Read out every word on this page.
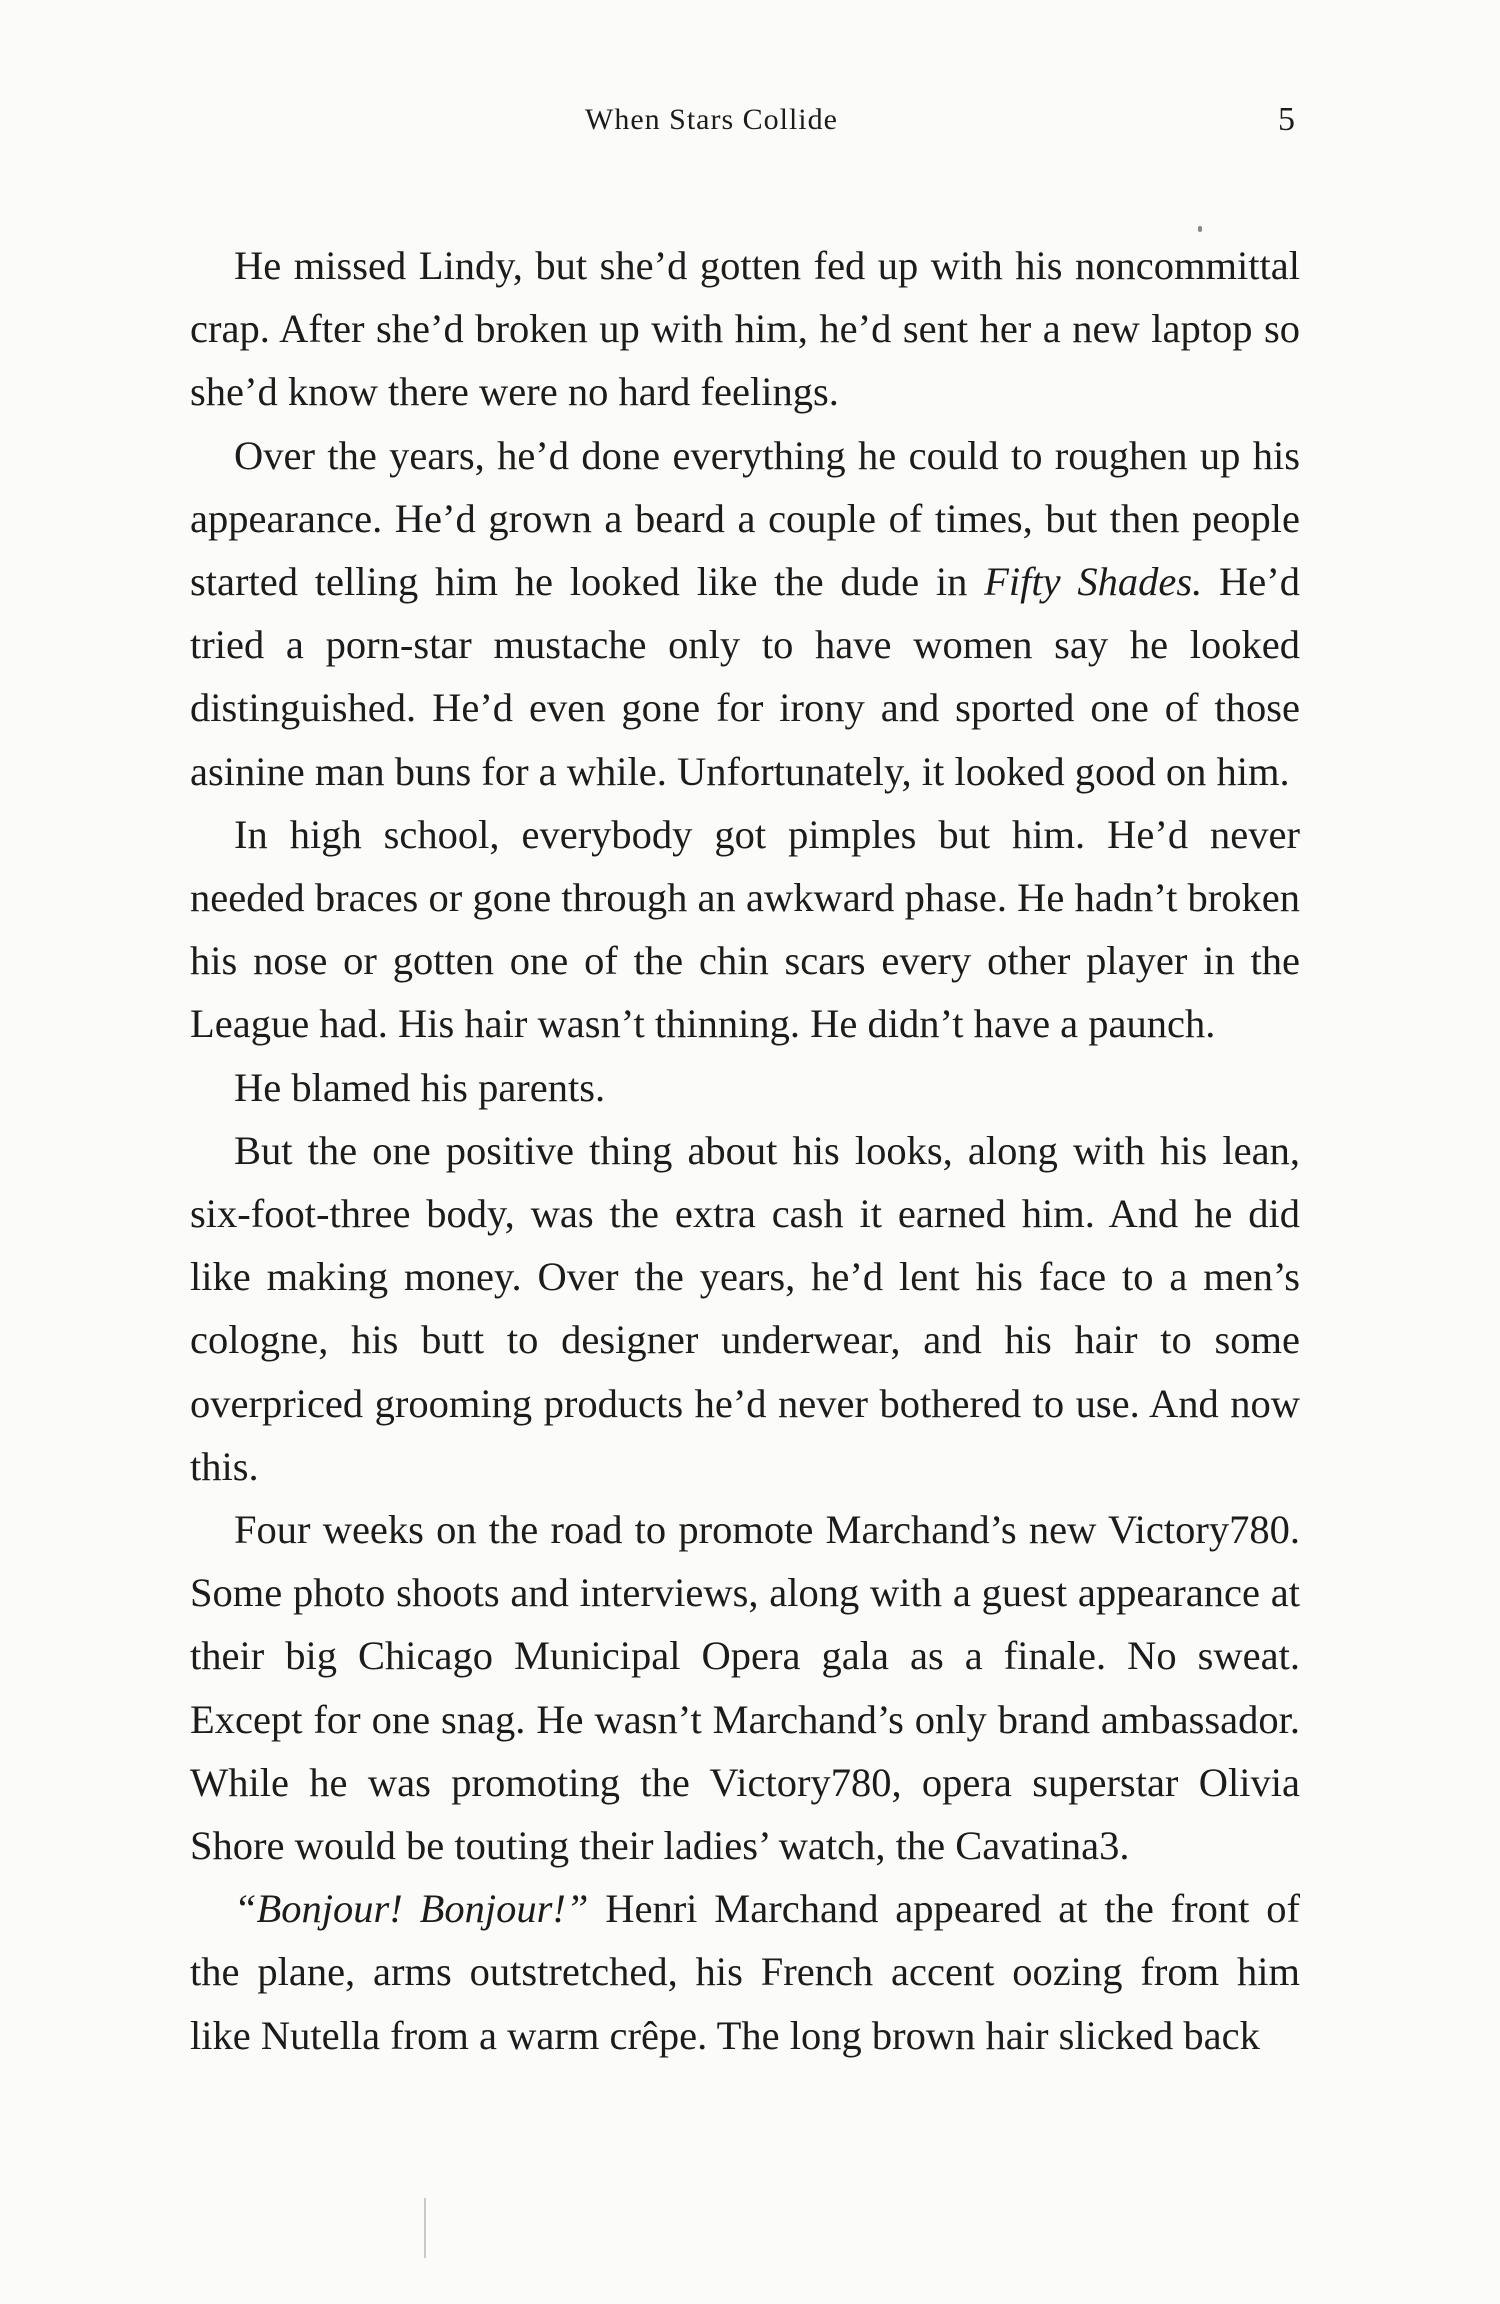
When Stars Collide	5

He missed Lindy, but she’d gotten fed up with his noncommittal crap. After she’d broken up with him, he’d sent her a new laptop so she’d know there were no hard feelings.

Over the years, he’d done everything he could to roughen up his appearance. He’d grown a beard a couple of times, but then people started telling him he looked like the dude in Fifty Shades. He’d tried a porn-star mustache only to have women say he looked distinguished. He’d even gone for irony and sported one of those asinine man buns for a while. Unfortunately, it looked good on him.

In high school, everybody got pimples but him. He’d never needed braces or gone through an awkward phase. He hadn’t broken his nose or gotten one of the chin scars every other player in the League had. His hair wasn’t thinning. He didn’t have a paunch.

He blamed his parents.

But the one positive thing about his looks, along with his lean, six-foot-three body, was the extra cash it earned him. And he did like making money. Over the years, he’d lent his face to a men’s cologne, his butt to designer underwear, and his hair to some overpriced grooming products he’d never bothered to use. And now this.

Four weeks on the road to promote Marchand’s new Victory780. Some photo shoots and interviews, along with a guest appearance at their big Chicago Municipal Opera gala as a finale. No sweat. Except for one snag. He wasn’t Marchand’s only brand ambassador. While he was promoting the Victory780, opera superstar Olivia Shore would be touting their ladies’ watch, the Cavatina3.

“Bonjour! Bonjour!” Henri Marchand appeared at the front of the plane, arms outstretched, his French accent oozing from him like Nutella from a warm crêpe. The long brown hair slicked back
